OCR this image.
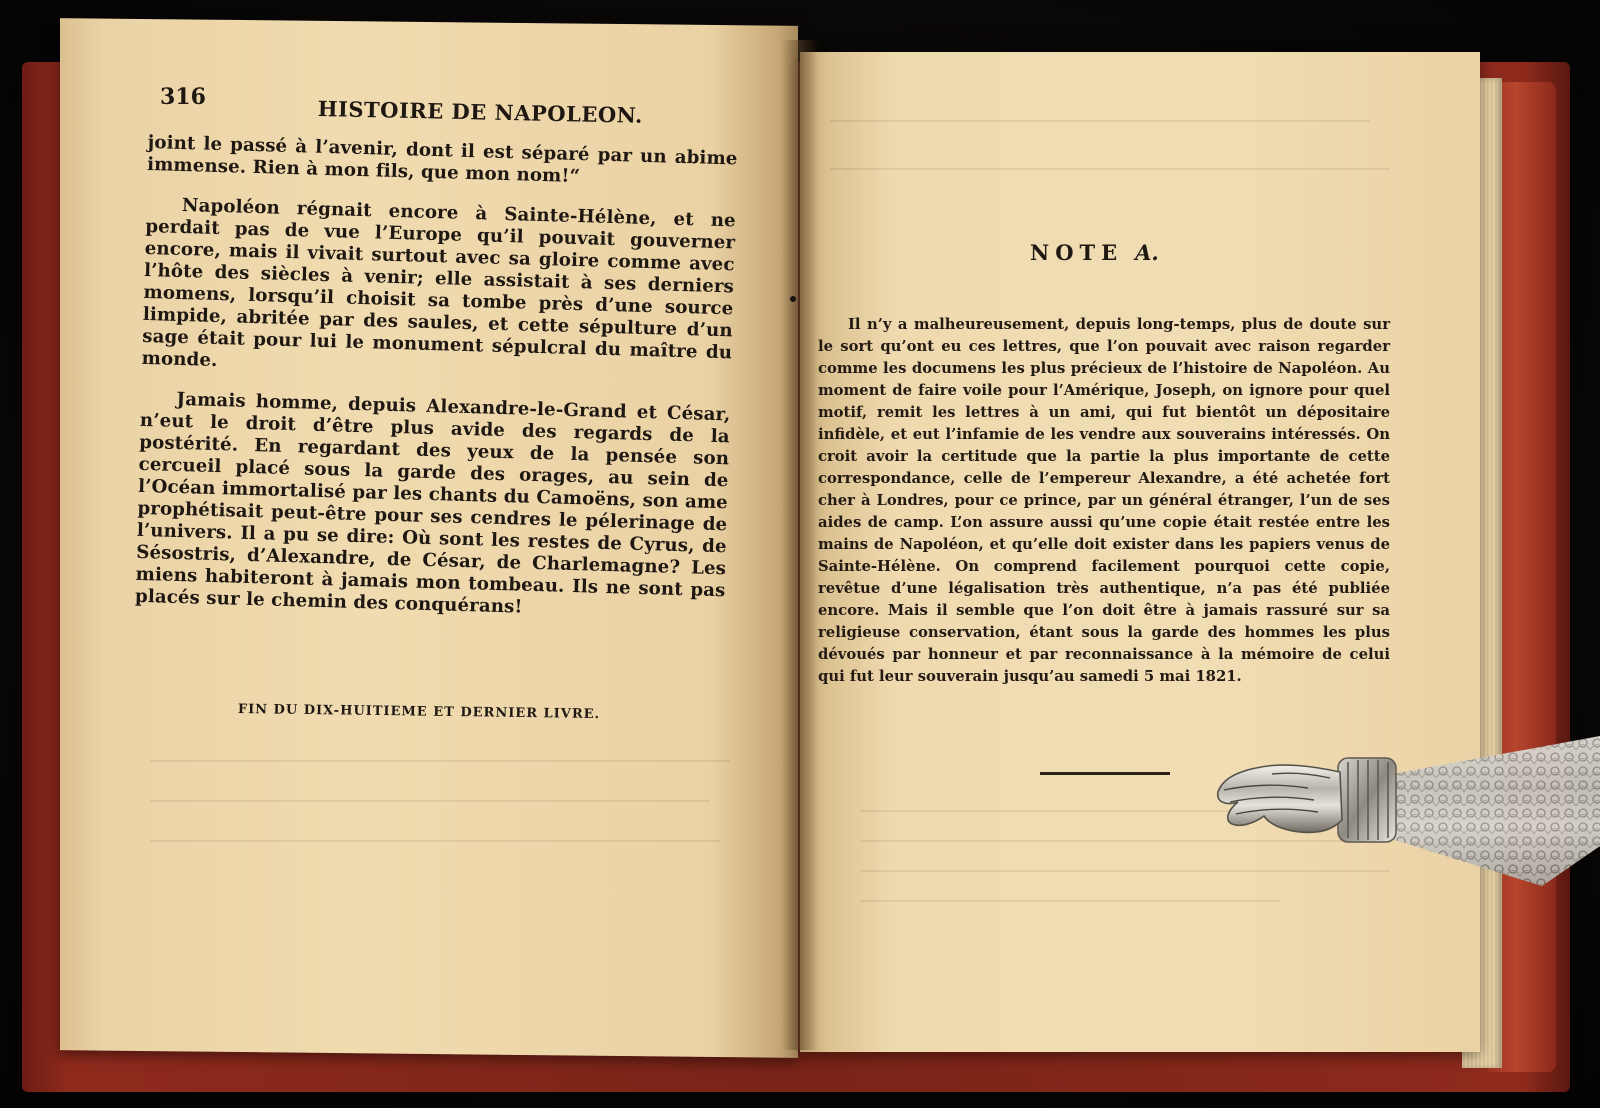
316	HISTOIRE DE NAPOLEON.

joint le passé à l’avenir, dont il est séparé par un abime immense. Rien à mon fils, que mon nom!“

Napoléon régnait encore à Sainte-Hélène, et ne perdait pas de vue l’Europe qu’il pouvait gouverner encore, mais il vivait surtout avec sa gloire comme avec l’hôte des siècles à venir; elle assistait à ses derniers momens, lorsqu’il choisit sa tombe près d’une source limpide, abritée par des saules, et cette sépulture d’un sage était pour lui le monument sépulcral du maître du monde.

Jamais homme, depuis Alexandre-le-Grand et César, n’eut le droit d’être plus avide des regards de la postérité. En regardant des yeux de la pensée son cercueil placé sous la garde des orages, au sein de l’Océan immortalisé par les chants du Camoëns, son ame prophétisait peut-être pour ses cendres le pélerinage de l’univers. Il a pu se dire: Où sont les restes de Cyrus, de Sésostris, d’Alexandre, de César, de Charlemagne? Les miens habiteront à jamais mon tombeau. Ils ne sont pas placés sur le chemin des conquérans!

FIN DU DIX-HUITIEME ET DERNIER LIVRE.
NOTE A.

Il n’y a malheureusement, depuis long-temps, plus de doute sur le sort qu’ont eu ces lettres, que l’on pouvait avec raison regarder comme les documens les plus précieux de l’histoire de Napoléon. Au moment de faire voile pour l’Amérique, Joseph, on ignore pour quel motif, remit les lettres à un ami, qui fut bientôt un dépositaire infidèle, et eut l’infamie de les vendre aux souverains intéressés. On croit avoir la certitude que la partie la plus importante de cette correspondance, celle de l’empereur Alexandre, a été achetée fort cher à Londres, pour ce prince, par un général étranger, l’un de ses aides de camp. L’on assure aussi qu’une copie était restée entre les mains de Napoléon, et qu’elle doit exister dans les papiers venus de Sainte-Hélène. On comprend facilement pourquoi cette copie, revêtue d’une légalisation très authentique, n’a pas été publiée encore. Mais il semble que l’on doit être à jamais rassuré sur sa religieuse conservation, étant sous la garde des hommes les plus dévoués par honneur et par reconnaissance à la mémoire de celui qui fut leur souverain jusqu’au samedi 5 mai 1821.
